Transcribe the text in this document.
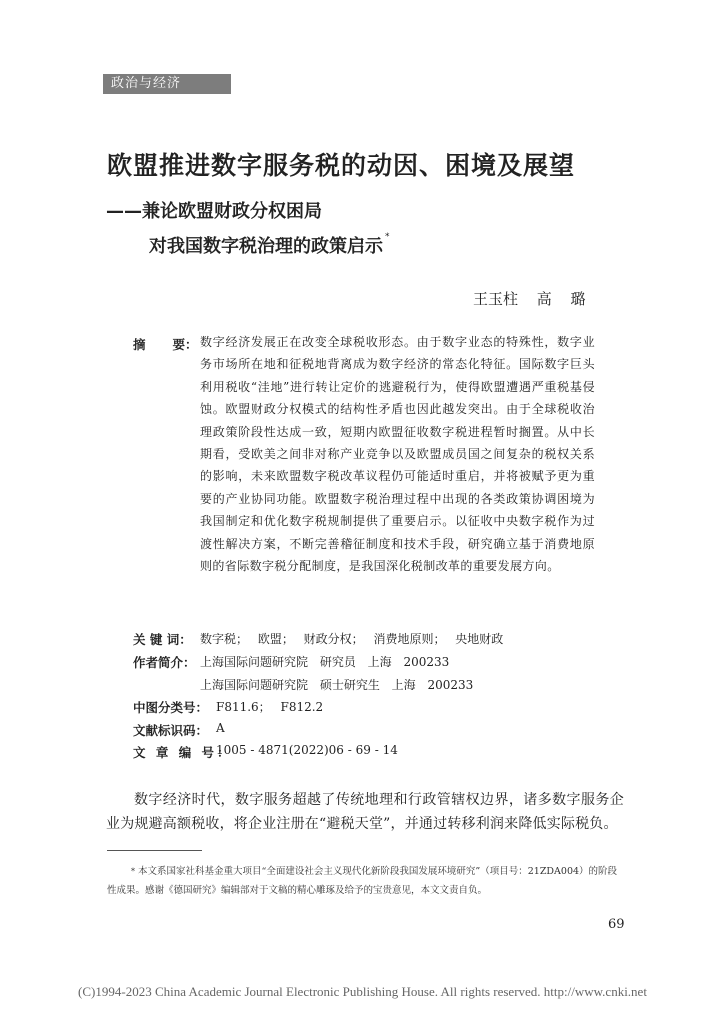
政治与经济
欧盟推进数字服务税的动因、困境及展望
——兼论欧盟财政分权困局
对我国数字税治理的政策启示 *
王玉柱 高 璐
摘 要： 数字经济发展正在改变全球税收形态。由于数字业态的特殊性，数字业务市场所在地和征税地背离成为数字经济的常态化特征。国际数字巨头利用税收“洼地”进行转让定价的逃避税行为，使得欧盟遭遇严重税基侵蚀。欧盟财政分权模式的结构性矛盾也因此越发突出。由于全球税收治理政策阶段性达成一致，短期内欧盟征收数字税进程暂时搁置。从中长期看，受欧美之间非对称产业竞争以及欧盟成员国之间复杂的税权关系的影响，未来欧盟数字税改革议程仍可能适时重启，并将被赋予更为重要的产业协同功能。欧盟数字税治理过程中出现的各类政策协调困境为我国制定和优化数字税规制提供了重要启示。以征收中央数字税作为过渡性解决方案，不断完善稽征制度和技术手段，研究确立基于消费地原则的省际数字税分配制度，是我国深化税制改革的重要发展方向。
关 键 词： 数字税； 欧盟； 财政分权； 消费地原则； 央地财政
作者简介： 上海国际问题研究院 研究员 上海 200233
上海国际问题研究院 硕士研究生 上海 200233
中图分类号： F811.6； F812.2
文献标识码： A
文 章 编 号：
1005 - 4871(2022)06 - 69 - 14
数字经济时代，数字服务超越了传统地理和行政管辖权边界，诸多数字服务企业为规避高额税收，将企业注册在“避税天堂”，并通过转移利润来降低实际税负。
* 本文系国家社科基金重大项目“全面建设社会主义现代化新阶段我国发展环境研究”（项目号：21ZDA004）的阶段性成果。感谢《德国研究》编辑部对于文稿的精心雕琢及给予的宝贵意见，本文文责自负。
69
(C)1994-2023 China Academic Journal Electronic Publishing House. All rights reserved. http://www.cnki.net
